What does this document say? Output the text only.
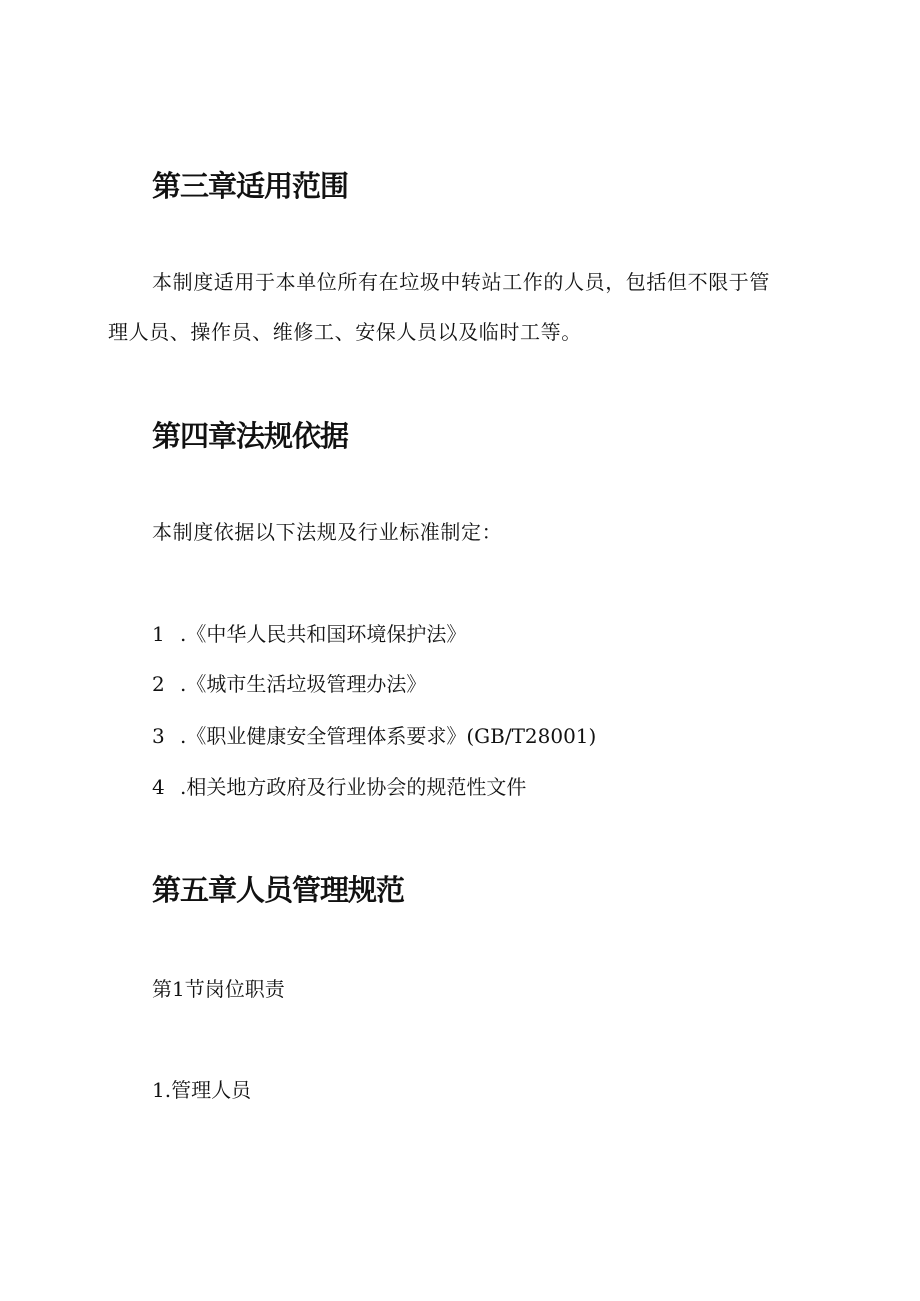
第三章适用范围
本制度适用于本单位所有在垃圾中转站工作的人员，包括但不限于管
理人员、操作员、维修工、安保人员以及临时工等。
第四章法规依据
本制度依据以下法规及行业标准制定：
1 .《中华人民共和国环境保护法》
2 .《城市生活垃圾管理办法》
3 .《职业健康安全管理体系要求》(GB/T28001)
4 .相关地方政府及行业协会的规范性文件
第五章人员管理规范
第1节岗位职责
1.管理人员
